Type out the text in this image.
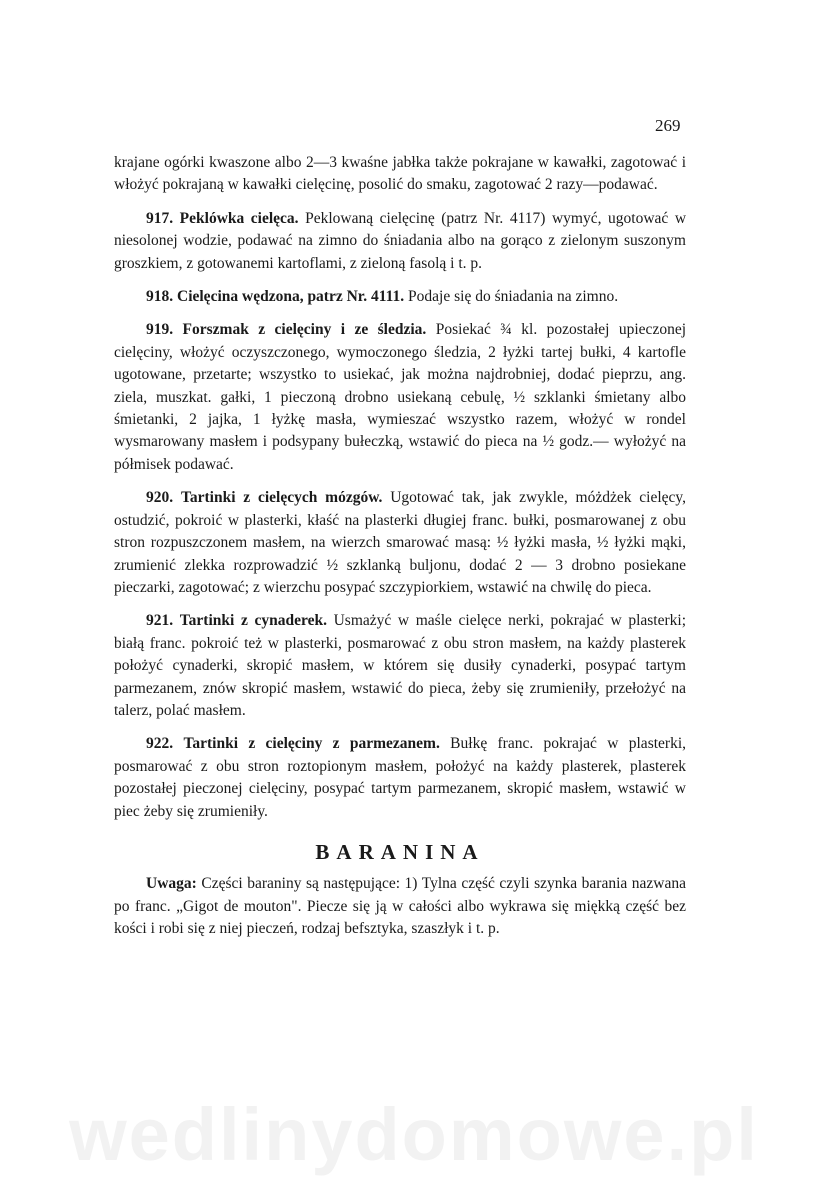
269

krajane ogórki kwaszone albo 2—3 kwaśne jabłka także pokrajane w kawałki, zagotować i włożyć pokrajaną w kawałki cielęcinę, posolić do smaku, zagotować 2 razy—podawać.

917. Peklówka cielęca. Peklowaną cielęcinę (patrz Nr. 4117) wymyć, ugotować w niesolonej wodzie, podawać na zimno do śniadania albo na gorąco z zielonym suszonym groszkiem, z gotowanemi kartoflami, z zieloną fasolą i t. p.

918. Cielęcina wędzona, patrz Nr. 4111. Podaje się do śniadania na zimno.

919. Forszmak z cielęciny i ze śledzia. Posiekać ¾ kl. pozostałej upieczonej cielęciny, włożyć oczyszczonego, wymoczonego śledzia, 2 łyżki tartej bułki, 4 kartofle ugotowane, przetarte; wszystko to usiekać, jak można najdrobniej, dodać pieprzu, ang. ziela, muszkat. gałki, 1 pieczoną drobno usiekaną cebulę, ½ szklanki śmietany albo śmietanki, 2 jajka, 1 łyżkę masła, wymieszać wszystko razem, włożyć w rondel wysmarowany masłem i podsypany bułeczką, wstawić do pieca na ½ godz.— wyłożyć na półmisek podawać.

920. Tartinki z cielęcych mózgów. Ugotować tak, jak zwykle, móżdżek cielęcy, ostudzić, pokroić w plasterki, kłaść na plasterki długiej franc. bułki, posmarowanej z obu stron rozpuszczonem masłem, na wierzch smarować masą: ½ łyżki masła, ½ łyżki mąki, zrumienić zlekka rozprowadzić ½ szklanką buljonu, dodać 2 — 3 drobno posiekane pieczarki, zagotować; z wierzchu posypać szczypiorkiem, wstawić na chwilę do pieca.

921. Tartinki z cynaderek. Usmażyć w maśle cielęce nerki, pokrajać w plasterki; białą franc. pokroić też w plasterki, posmarować z obu stron masłem, na każdy plasterek położyć cynaderki, skropić masłem, w którem się dusiły cynaderki, posypać tartym parmezanem, znów skropić masłem, wstawić do pieca, żeby się zrumieniły, przełożyć na talerz, polać masłem.

922. Tartinki z cielęciny z parmezanem. Bułkę franc. pokrajać w plasterki, posmarować z obu stron roztopionym masłem, położyć na każdy plasterek, plasterek pozostałej pieczonej cielęciny, posypać tartym parmezanem, skropić masłem, wstawić w piec żeby się zrumieniły.

BARANINA

Uwaga: Części baraniny są następujące: 1) Tylna część czyli szynka barania nazwana po franc. „Gigot de mouton". Piecze się ją w całości albo wykrawa się miękką część bez kości i robi się z niej pieczeń, rodzaj befsztyka, szaszłyk i t. p.

wedlinydomowe.pl
